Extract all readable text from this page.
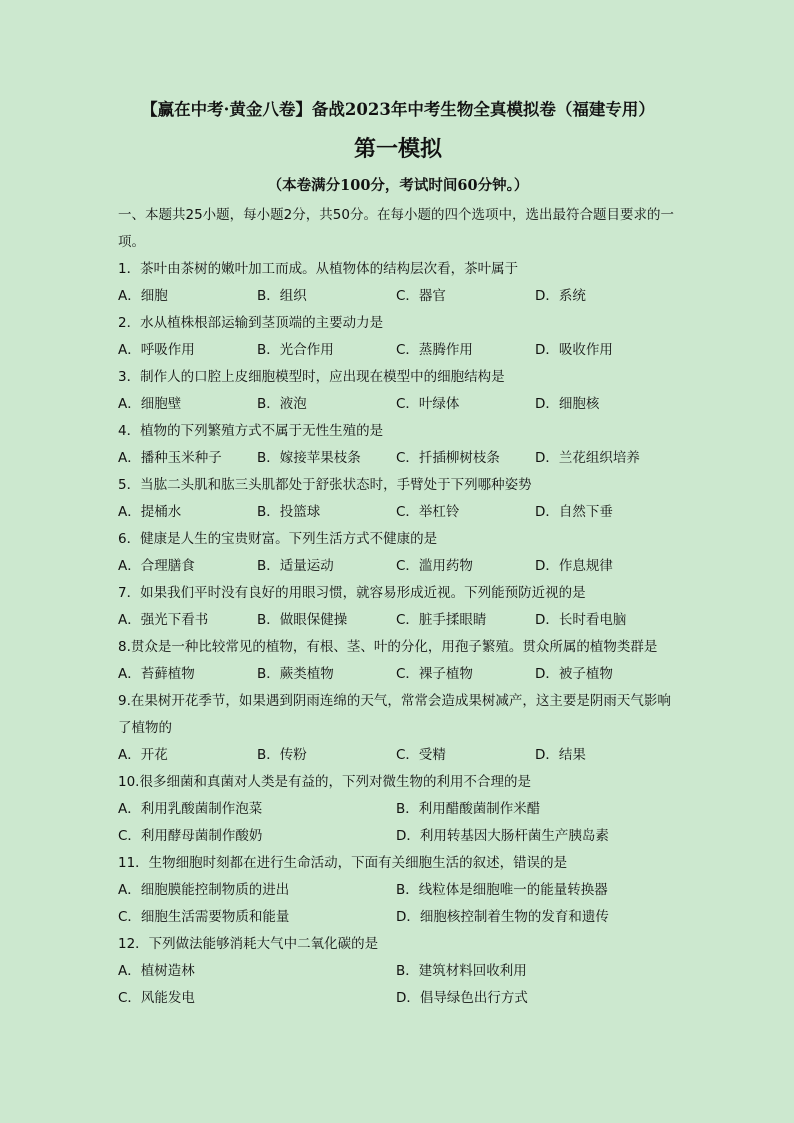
【赢在中考·黄金八卷】备战2023年中考生物全真模拟卷（福建专用）
第一模拟
（本卷满分100分，考试时间60分钟。）
一、本题共25小题，每小题2分，共50分。在每小题的四个选项中，选出最符合题目要求的一项。
1．茶叶由茶树的嫩叶加工而成。从植物体的结构层次看，茶叶属于
A．细胞	B．组织	C．器官	D．系统
2．水从植株根部运输到茎顶端的主要动力是
A．呼吸作用	B．光合作用	C．蒸腾作用	D．吸收作用
3．制作人的口腔上皮细胞模型时，应出现在模型中的细胞结构是
A．细胞壁	B．液泡	C．叶绿体	D．细胞核
4．植物的下列繁殖方式不属于无性生殖的是
A．播种玉米种子	B．嫁接苹果枝条	C．扦插柳树枝条	D．兰花组织培养
5．当肱二头肌和肱三头肌都处于舒张状态时，手臂处于下列哪种姿势
A．提桶水	B．投篮球	C．举杠铃	D．自然下垂
6．健康是人生的宝贵财富。下列生活方式不健康的是
A．合理膳食	B．适量运动	C．滥用药物	D．作息规律
7．如果我们平时没有良好的用眼习惯，就容易形成近视。下列能预防近视的是
A．强光下看书	B．做眼保健操	C．脏手揉眼睛	D．长时看电脑
8.贯众是一种比较常见的植物，有根、茎、叶的分化，用孢子繁殖。贯众所属的植物类群是
A．苔藓植物	B．蕨类植物	C．裸子植物	D．被子植物
9.在果树开花季节，如果遇到阴雨连绵的天气，常常会造成果树减产，这主要是阴雨天气影响了植物的
A．开花	B．传粉	C．受精	D．结果
10.很多细菌和真菌对人类是有益的，下列对微生物的利用不合理的是
A．利用乳酸菌制作泡菜	B．利用醋酸菌制作米醋
C．利用酵母菌制作酸奶	D．利用转基因大肠杆菌生产胰岛素
11．生物细胞时刻都在进行生命活动，下面有关细胞生活的叙述，错误的是
A．细胞膜能控制物质的进出	B．线粒体是细胞唯一的能量转换器
C．细胞生活需要物质和能量	D．细胞核控制着生物的发育和遗传
12．下列做法能够消耗大气中二氧化碳的是
A．植树造林	B．建筑材料回收利用
C．风能发电	D．倡导绿色出行方式
